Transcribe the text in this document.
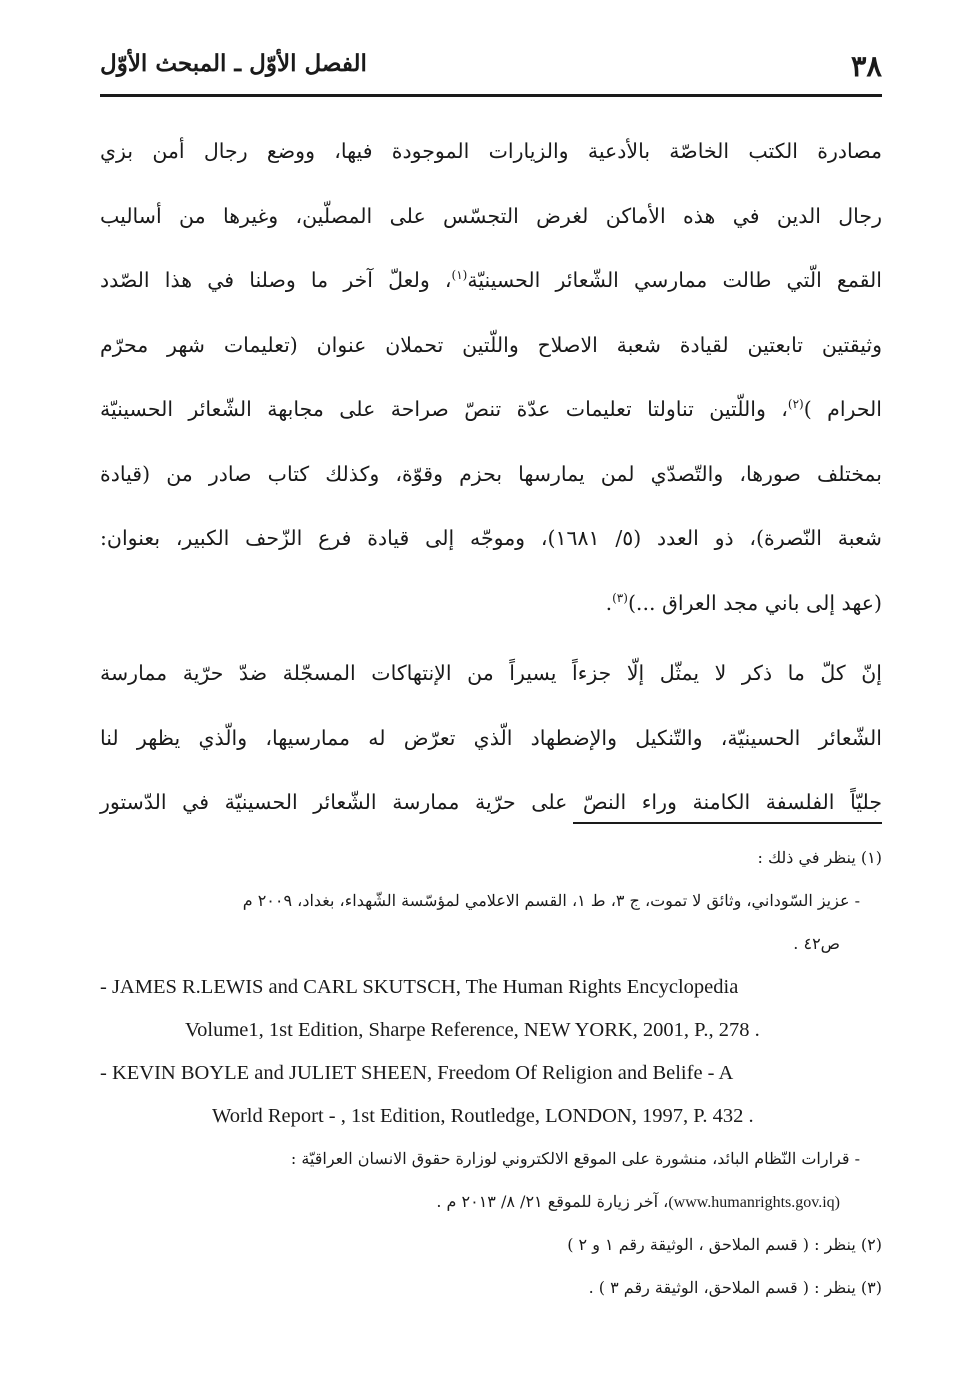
٣٨
الفصل الأوّل ـ المبحث الأوّل
مصادرة الكتب الخاصّة بالأدعية والزيارات الموجودة فيها، ووضع رجال أمن بزي
رجال الدين في هذه الأماكن لغرض التجسّس على المصلّين، وغيرها من أساليب
القمع الّتي طالت ممارسي الشّعائر الحسينيّة$^{(١)}$، ولعلّ آخر ما وصلنا في هذا الصّدد
وثيقتين تابعتين لقيادة شعبة الاصلاح واللّتين تحملان عنوان (تعليمات شهر محرّم
الحرام )$^{(٢)}$، واللّتين تناولتا تعليمات عدّة تنصّ صراحة على مجابهة الشّعائر الحسينيّة
بمختلف صورها، والتّصدّي لمن يمارسها بحزم وقوّة، وكذلك كتاب صادر من (قيادة
شعبة النّصرة)، ذو العدد (٥/ ١٦٨١)، وموجّه إلى قيادة فرع الزّحف الكبير، بعنوان:
(عهد إلى باني مجد العراق ...)$^{(٣)}$.
إنّ كلّ ما ذكر لا يمثّل إلّا جزءاً يسيراً من الإنتهاكات المسجّلة ضدّ حرّية ممارسة
الشّعائر الحسينيّة، والتّنكيل والإضطهاد الّذي تعرّض له ممارسيها، والّذي يظهر لنا
جليّاً الفلسفة الكامنة وراء النصّ على حرّية ممارسة الشّعائر الحسينيّة في الدّستور
(١) ينظر في ذلك :
- عزيز السّوداني، وثائق لا تموت، ج ٣، ط ١، القسم الاعلامي لمؤسّسة الشّهداء، بغداد، ٢٠٠٩ م
ص٤٢ .
- JAMES R.LEWIS and CARL SKUTSCH, The Human Rights Encyclopedia
Volume1, 1st Edition, Sharpe Reference, NEW YORK, 2001, P., 278 .
- KEVIN BOYLE and JULIET SHEEN, Freedom Of Religion and Belife - A
World Report - , 1st Edition, Routledge, LONDON, 1997, P. 432 .
- قرارات النّظام البائد، منشورة على الموقع الالكتروني لوزارة حقوق الانسان العراقيّة :
(www.humanrights.gov.iq)، آخر زيارة للموقع ٢١/ ٨/ ٢٠١٣ م .
(٢) ينظر : ( قسم الملاحق ، الوثيقة رقم ١ و ٢ )
(٣) ينظر : ( قسم الملاحق، الوثيقة رقم ٣ ) .
